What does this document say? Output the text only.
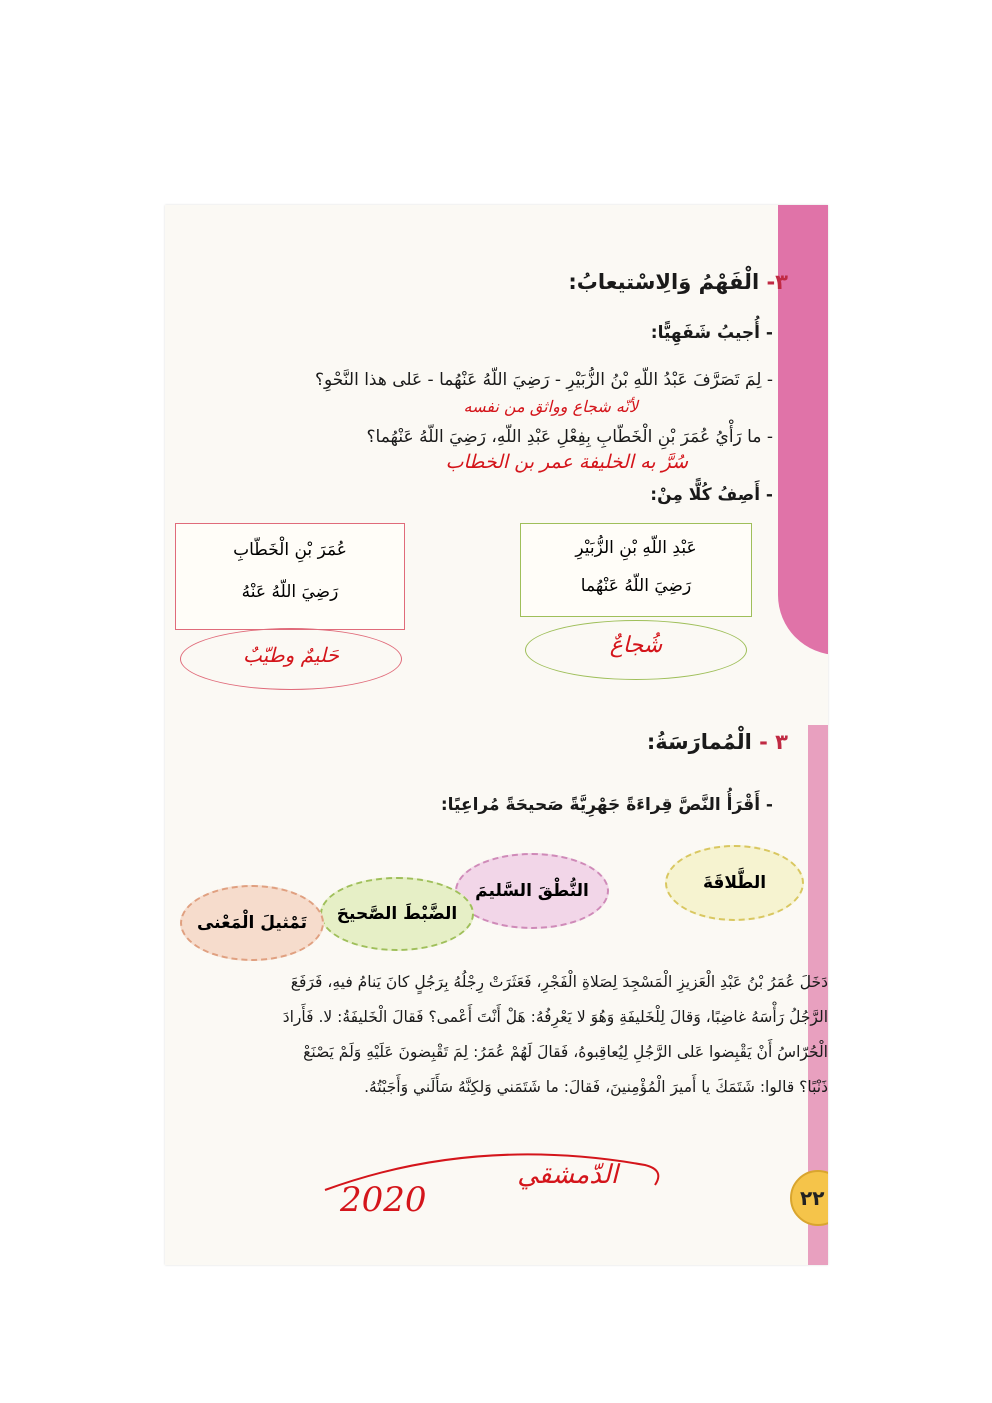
٣- الْفَهْمُ وَالِاسْتيعابُ:
- أُجيبُ شَفَهِيًّا:
- لِمَ تَصَرَّفَ عَبْدُ اللّهِ بْنُ الزُّبَيْرِ - رَضِيَ اللّهُ عَنْهُما - عَلى هذا النَّحْوِ؟
لأنّه شجاع وواثق من نفسه
- ما رَأْيُ عُمَرَ بْنِ الْخَطّابِ بِفِعْلِ عَبْدِ اللّهِ، رَضِيَ اللّهُ عَنْهُما؟
سُرَّ به الخليفة عمر بن الخطاب
- أَصِفُ كُلًّا مِنْ:
عَبْدِ اللّهِ بْنِ الزُّبَيْرِ
رَضِيَ اللّهُ عَنْهُما
عُمَرَ بْنِ الْخَطّابِ
رَضِيَ اللّهُ عَنْهُ
شُجاعٌ
حَليمٌ وطيّبٌ
٣ - الْمُمارَسَةُ:
- أَقْرَأُ النَّصَّ قِراءَةً جَهْرِيَّةً صَحيحَةً مُراعِيًا:
الطَّلاقَةَ
النُّطْقَ السَّليمَ
الضَّبْطَ الصَّحيحَ
تَمْثيلَ الْمَعْنى
دَخَلَ عُمَرُ بْنُ عَبْدِ الْعَزيزِ الْمَسْجِدَ لِصَلاةِ الْفَجْرِ، فَعَثَرَتْ رِجْلُهُ بِرَجُلٍ كانَ يَنامُ فيهِ، فَرَفَعَ
الرَّجُلُ رَأْسَهُ غاضِبًا، وَقالَ لِلْخَليفَةِ وَهُوَ لا يَعْرِفُهُ: هَلْ أَنْتَ أَعْمى؟ فَقالَ الْخَليفَةُ: لا. فَأَرادَ
الْحُرّاسُ أَنْ يَقْبِضوا عَلى الرَّجُلِ لِيُعاقِبوهُ، فَقالَ لَهُمْ عُمَرُ: لِمَ تَقْبِضونَ عَلَيْهِ وَلَمْ يَصْنَعْ
ذَنْبًا؟ قالوا: شَتَمَكَ يا أَميرَ الْمُؤْمِنينَ، فَقالَ: ما شَتَمَني وَلكِنَّهُ سَأَلَني وَأَجَبْتُهُ.
الدّمشقي
2020	٢٢
